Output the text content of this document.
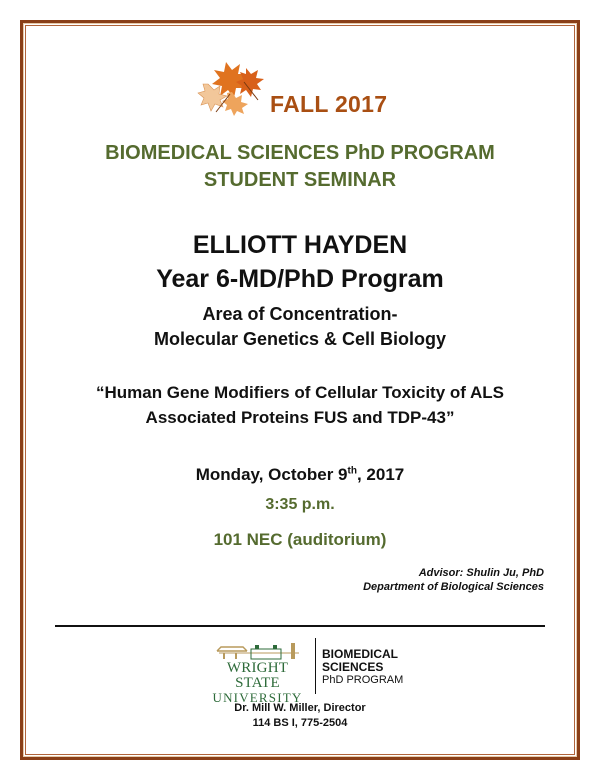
FALL 2017
BIOMEDICAL SCIENCES PhD PROGRAM
STUDENT SEMINAR
ELLIOTT HAYDEN
Year 6-MD/PhD Program
Area of Concentration-
Molecular Genetics & Cell Biology
“Human Gene Modifiers of Cellular Toxicity of ALS
Associated Proteins FUS and TDP-43”
Monday, October 9th, 2017
3:35 p.m.
101 NEC (auditorium)
Advisor: Shulin Ju, PhD
Department of Biological Sciences
WRIGHT STATE
UNIVERSITY
BIOMEDICAL
SCIENCES
PhD PROGRAM
Dr. Mill W. Miller, Director
114 BS I, 775-2504
